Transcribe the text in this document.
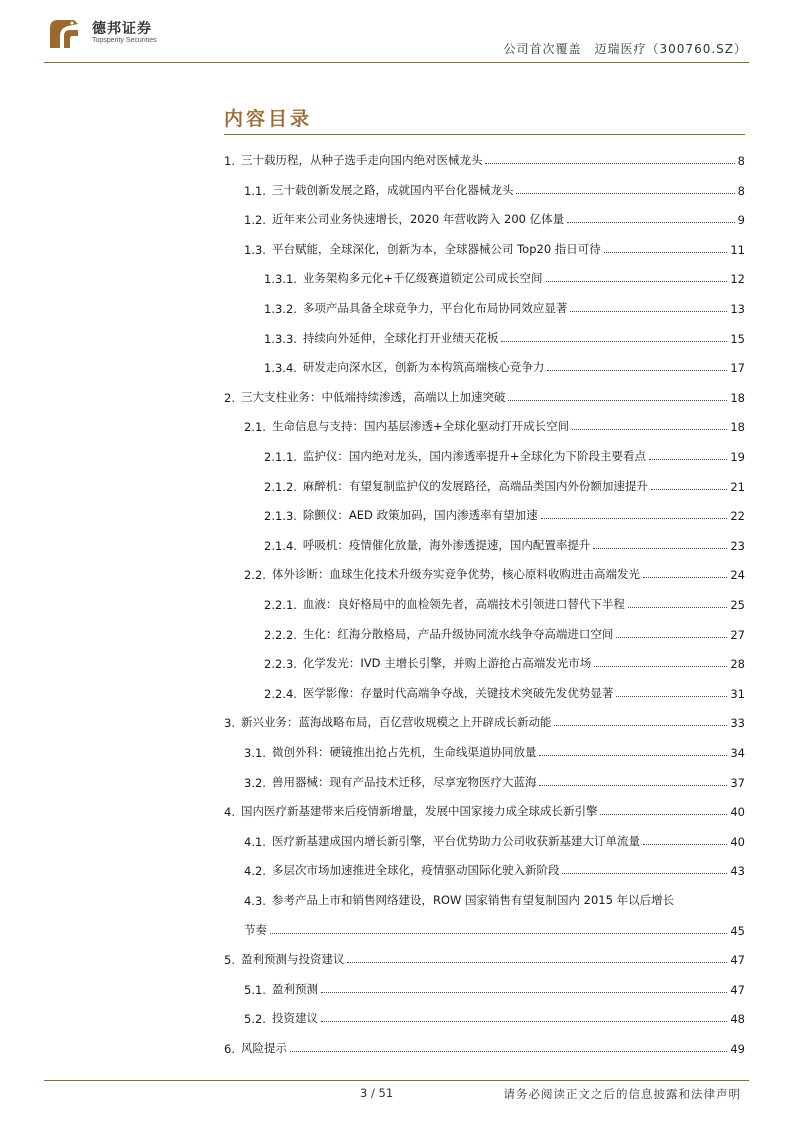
德邦证券
Topsperity Securities
公司首次覆盖　迈瑞医疗（300760.SZ）
内容目录
1. 三十载历程，从种子选手走向国内绝对医械龙头	8
1.1. 三十载创新发展之路，成就国内平台化器械龙头	8
1.2. 近年来公司业务快速增长，2020 年营收跨入 200 亿体量	9
1.3. 平台赋能，全球深化，创新为本，全球器械公司 Top20 指日可待	11
1.3.1. 业务架构多元化+千亿级赛道锁定公司成长空间	12
1.3.2. 多项产品具备全球竞争力，平台化布局协同效应显著	13
1.3.3. 持续向外延伸，全球化打开业绩天花板	15
1.3.4. 研发走向深水区，创新为本构筑高端核心竞争力	17
2. 三大支柱业务：中低端持续渗透，高端以上加速突破	18
2.1. 生命信息与支持：国内基层渗透+全球化驱动打开成长空间	18
2.1.1. 监护仪：国内绝对龙头，国内渗透率提升+全球化为下阶段主要看点	19
2.1.2. 麻醉机：有望复制监护仪的发展路径，高端品类国内外份额加速提升	21
2.1.3. 除颤仪：AED 政策加码，国内渗透率有望加速	22
2.1.4. 呼吸机：疫情催化放量，海外渗透提速，国内配置率提升	23
2.2. 体外诊断：血球生化技术升级夯实竞争优势，核心原料收购进击高端发光	24
2.2.1. 血液：良好格局中的血检领先者，高端技术引领进口替代下半程	25
2.2.2. 生化：红海分散格局，产品升级协同流水线争夺高端进口空间	27
2.2.3. 化学发光：IVD 主增长引擎，并购上游抢占高端发光市场	28
2.2.4. 医学影像：存量时代高端争夺战，关键技术突破先发优势显著	31
3. 新兴业务：蓝海战略布局，百亿营收规模之上开辟成长新动能	33
3.1. 微创外科：硬镜推出抢占先机，生命线渠道协同放量	34
3.2. 兽用器械：现有产品技术迁移，尽享宠物医疗大蓝海	37
4. 国内医疗新基建带来后疫情新增量，发展中国家接力成全球成长新引擎	40
4.1. 医疗新基建成国内增长新引擎，平台优势助力公司收获新基建大订单流量	40
4.2. 多层次市场加速推进全球化，疫情驱动国际化驶入新阶段	43
4.3. 参考产品上市和销售网络建设，ROW 国家销售有望复制国内 2015 年以后增长
节奏	45
5. 盈利预测与投资建议	47
5.1. 盈利预测	47
5.2. 投资建议	48
6. 风险提示	49
3 / 51	请务必阅读正文之后的信息披露和法律声明
